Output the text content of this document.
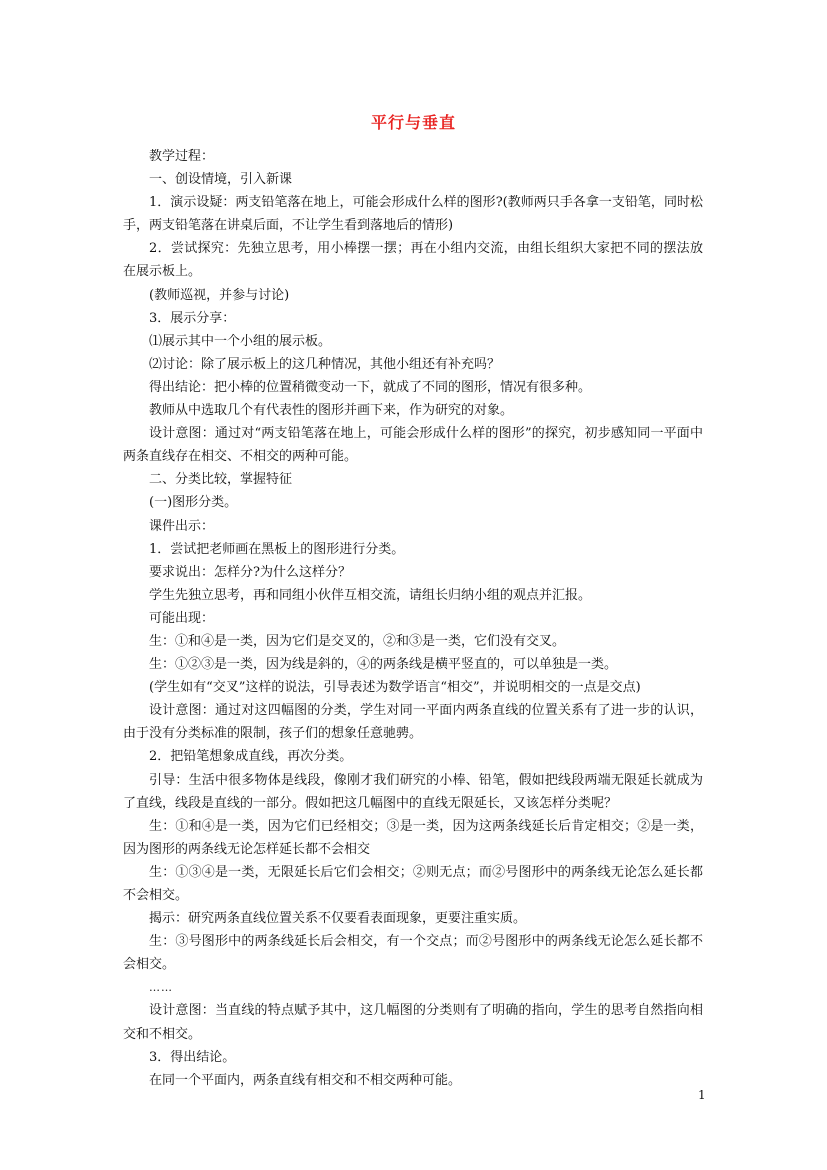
平行与垂直

教学过程：

一、创设情境，引入新课

1．演示设疑：两支铅笔落在地上，可能会形成什么样的图形?(教师两只手各拿一支铅笔，同时松手，两支铅笔落在讲桌后面，不让学生看到落地后的情形)

2．尝试探究：先独立思考，用小棒摆一摆；再在小组内交流，由组长组织大家把不同的摆法放在展示板上。

(教师巡视，并参与讨论)

3．展示分享：

⑴展示其中一个小组的展示板。

⑵讨论：除了展示板上的这几种情况，其他小组还有补充吗？

得出结论：把小棒的位置稍微变动一下，就成了不同的图形，情况有很多种。

教师从中选取几个有代表性的图形并画下来，作为研究的对象。

设计意图：通过对“两支铅笔落在地上，可能会形成什么样的图形”的探究，初步感知同一平面中两条直线存在相交、不相交的两种可能。

二、分类比较，掌握特征

(一)图形分类。

课件出示：

1．尝试把老师画在黑板上的图形进行分类。

要求说出：怎样分?为什么这样分？

学生先独立思考，再和同组小伙伴互相交流，请组长归纳小组的观点并汇报。

可能出现：

生：①和④是一类，因为它们是交叉的，②和③是一类，它们没有交叉。

生：①②③是一类，因为线是斜的，④的两条线是横平竖直的，可以单独是一类。

(学生如有“交叉”这样的说法，引导表述为数学语言“相交”，并说明相交的一点是交点)

设计意图：通过对这四幅图的分类，学生对同一平面内两条直线的位置关系有了进一步的认识，由于没有分类标准的限制，孩子们的想象任意驰骋。

2．把铅笔想象成直线，再次分类。

引导：生活中很多物体是线段，像刚才我们研究的小棒、铅笔，假如把线段两端无限延长就成为了直线，线段是直线的一部分。假如把这几幅图中的直线无限延长，又该怎样分类呢？

生：①和④是一类，因为它们已经相交；③是一类，因为这两条线延长后肯定相交；②是一类，因为图形的两条线无论怎样延长都不会相交

生：①③④是一类，无限延长后它们会相交；②则无点；而②号图形中的两条线无论怎么延长都不会相交。

揭示：研究两条直线位置关系不仅要看表面现象，更要注重实质。

生：③号图形中的两条线延长后会相交，有一个交点；而②号图形中的两条线无论怎么延长都不会相交。

……

设计意图：当直线的特点赋予其中，这几幅图的分类则有了明确的指向，学生的思考自然指向相交和不相交。

3．得出结论。

在同一个平面内，两条直线有相交和不相交两种可能。

1
